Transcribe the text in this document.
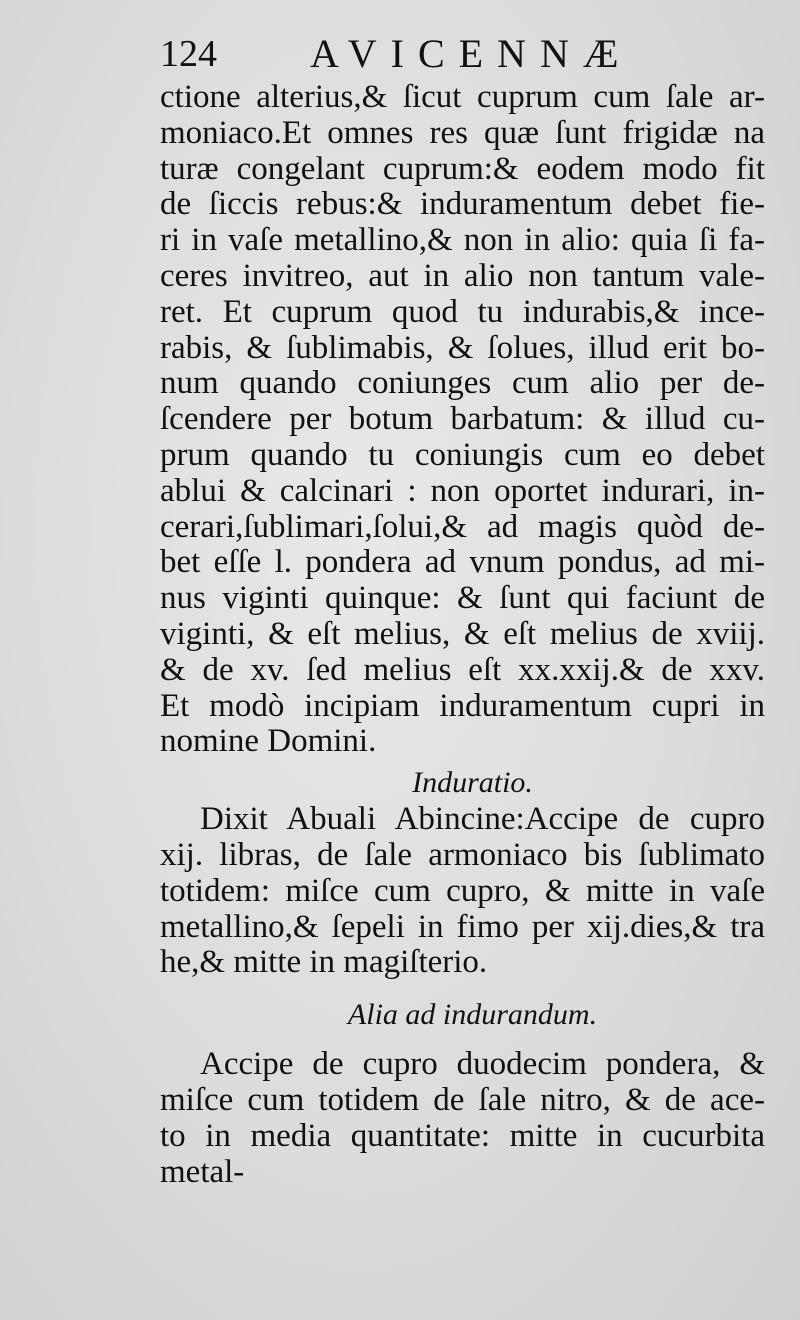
124 AVICENNÆ
ctione alterius,& ſicut cuprum cum ſale ar-
moniaco.Et omnes res quæ ſunt frigidæ na
turæ congelant cuprum:& eodem modo fit
de ſiccis rebus:& induramentum debet fie-
ri in vaſe metallino,& non in alio: quia ſi fa-
ceres invitreo, aut in alio non tantum vale-
ret. Et cuprum quod tu indurabis,& ince-
rabis, & ſublimabis, & ſolues, illud erit bo-
num quando coniunges cum alio per de-
ſcendere per botum barbatum: & illud cu-
prum quando tu coniungis cum eo debet
ablui & calcinari : non oportet indurari, in-
cerari,ſublimari,ſolui,& ad magis quòd de-
bet eſſe l. pondera ad vnum pondus, ad mi-
nus viginti quinque: & ſunt qui faciunt de
viginti, & eſt melius, & eſt melius de xviij.
& de xv. ſed melius eſt xx.xxij.& de xxv.
Et modò incipiam induramentum cupri in
nomine Domini.
Induratio.
Dixit Abuali Abincine:Accipe de cupro
xij. libras, de ſale armoniaco bis ſublimato
totidem: miſce cum cupro, & mitte in vaſe
metallino,& ſepeli in fimo per xij.dies,& tra
he,& mitte in magiſterio.
Alia ad indurandum.
Accipe de cupro duodecim pondera, &
miſce cum totidem de ſale nitro, & de ace-
to in media quantitate: mitte in cucurbita
metal-
